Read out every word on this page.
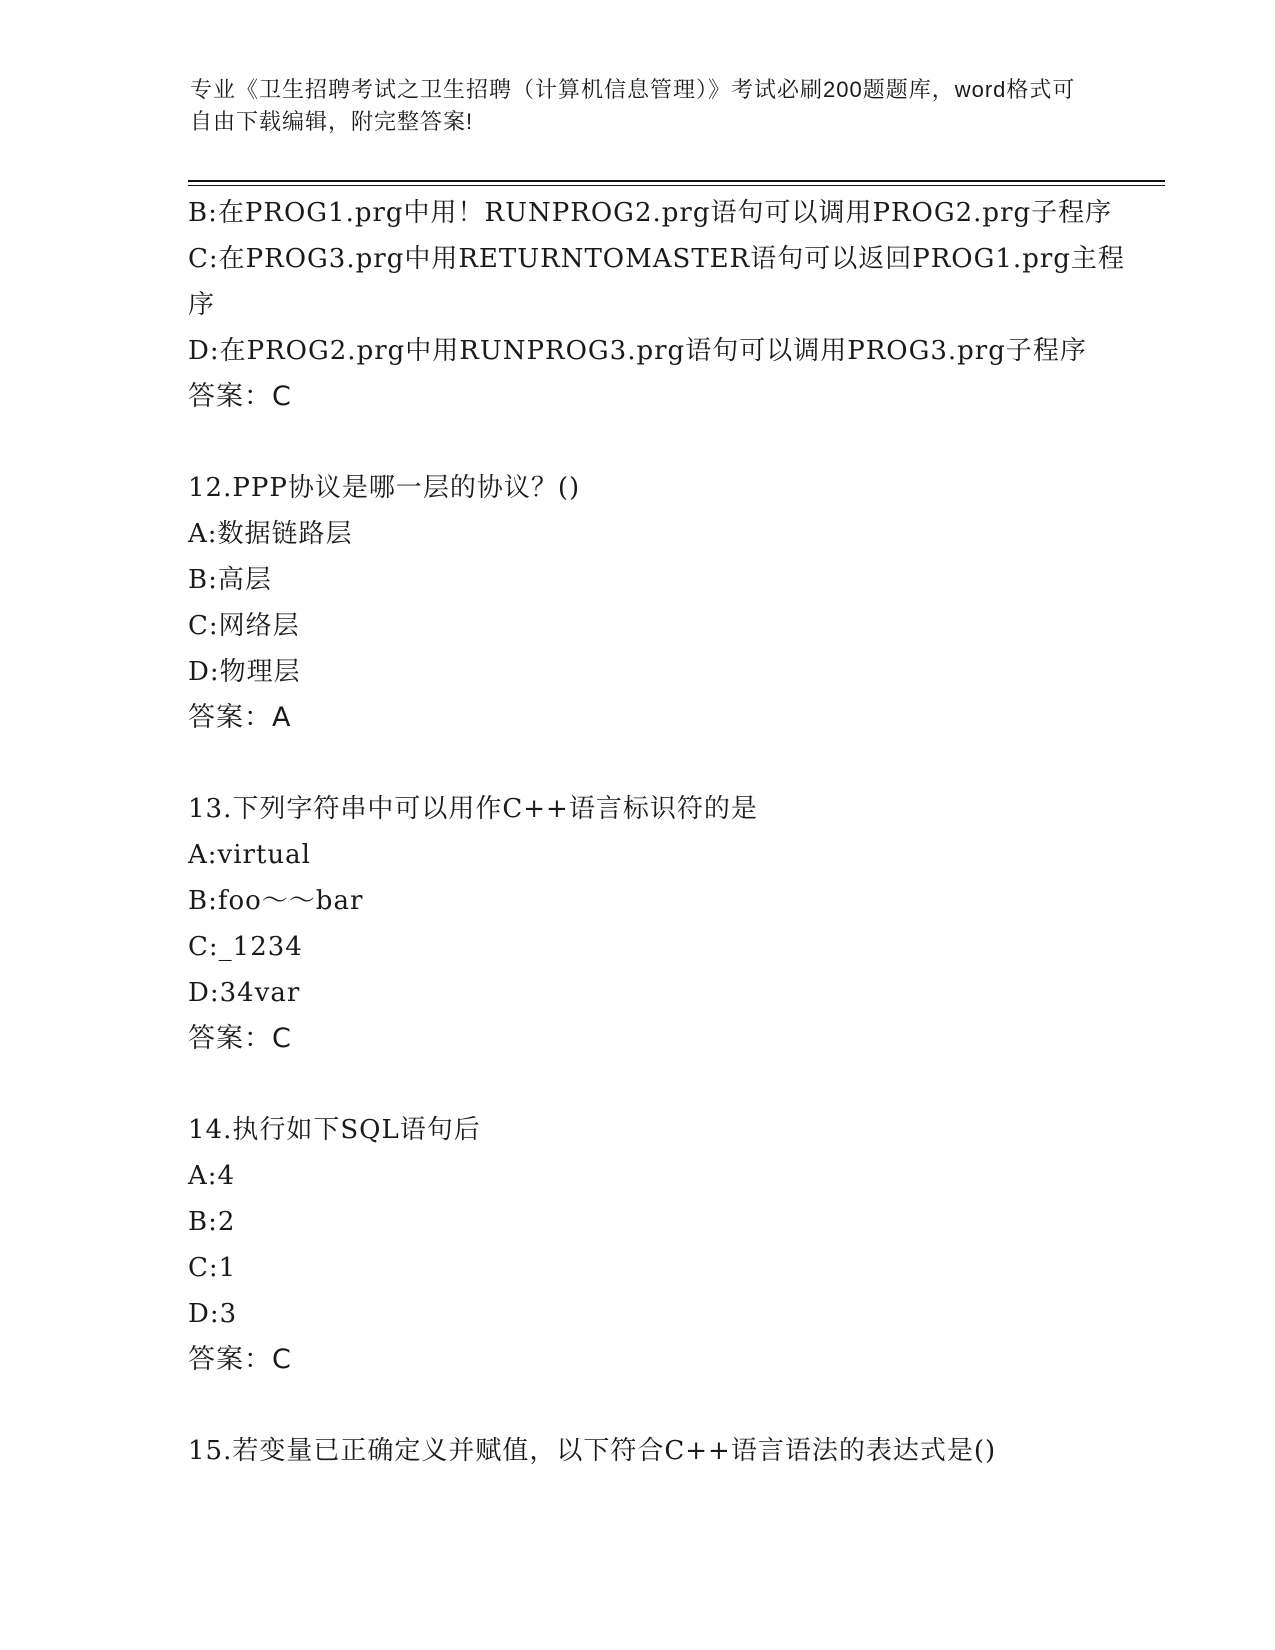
专业《卫生招聘考试之卫生招聘（计算机信息管理）》考试必刷200题题库，word格式可自由下载编辑，附完整答案!
B:在PROG1.prg中用！RUNPROG2.prg语句可以调用PROG2.prg子程序
C:在PROG3.prg中用RETURNTOMASTER语句可以返回PROG1.prg主程
序
D:在PROG2.prg中用RUNPROG3.prg语句可以调用PROG3.prg子程序
答案：C
12.PPP协议是哪一层的协议？()
A:数据链路层
B:高层
C:网络层
D:物理层
答案：A
13.下列字符串中可以用作C++语言标识符的是
A:virtual
B:foo～～bar
C:_1234
D:34var
答案：C
14.执行如下SQL语句后
A:4
B:2
C:1
D:3
答案：C
15.若变量已正确定义并赋值，以下符合C++语言语法的表达式是()
